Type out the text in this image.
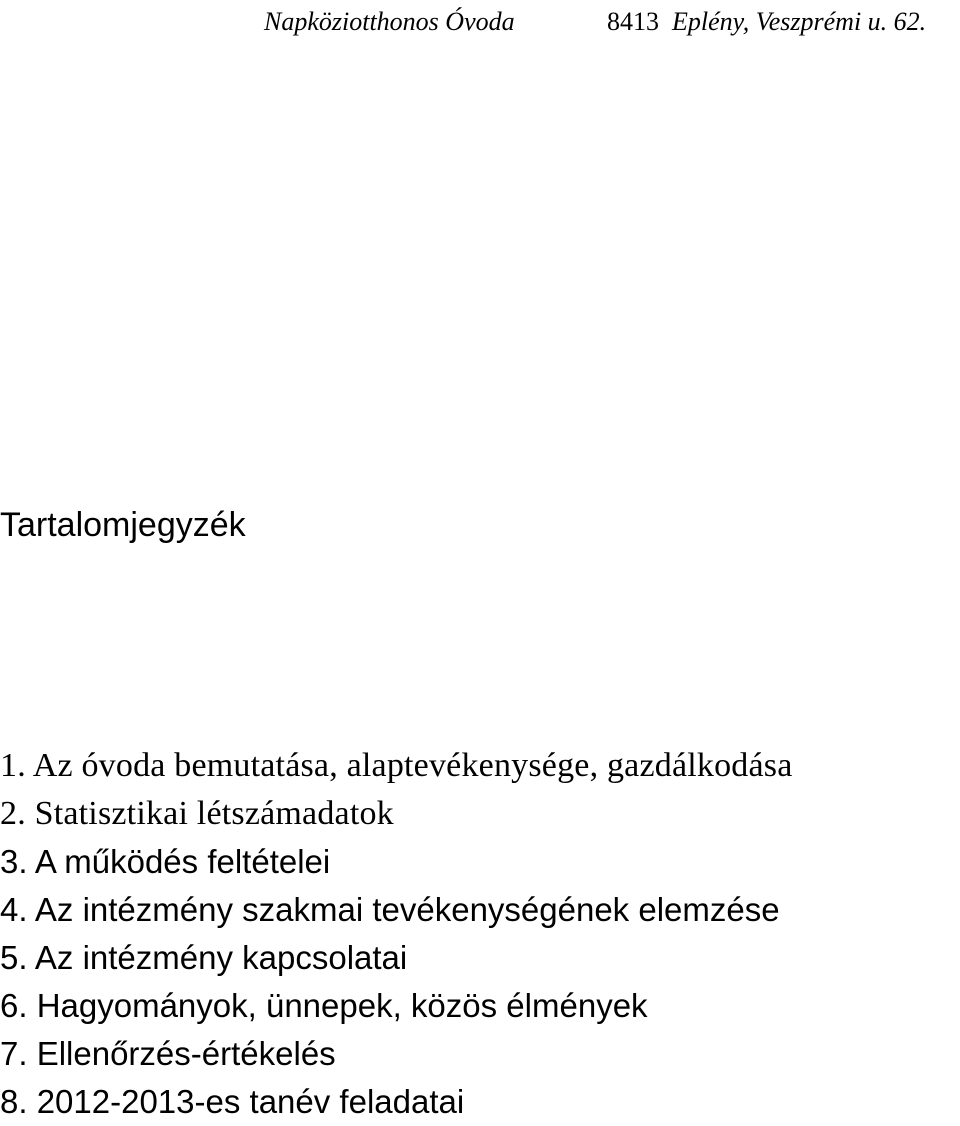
Napköziotthonos Óvoda	8413 Eplény, Veszprémi u. 62.
Tartalomjegyzék
1. Az óvoda bemutatása, alaptevékenysége, gazdálkodása
2. Statisztikai létszámadatok
3. A működés feltételei
4. Az intézmény szakmai tevékenységének elemzése
5. Az intézmény kapcsolatai
6. Hagyományok, ünnepek, közös élmények
7. Ellenőrzés-értékelés
8. 2012-2013-es tanév feladatai
